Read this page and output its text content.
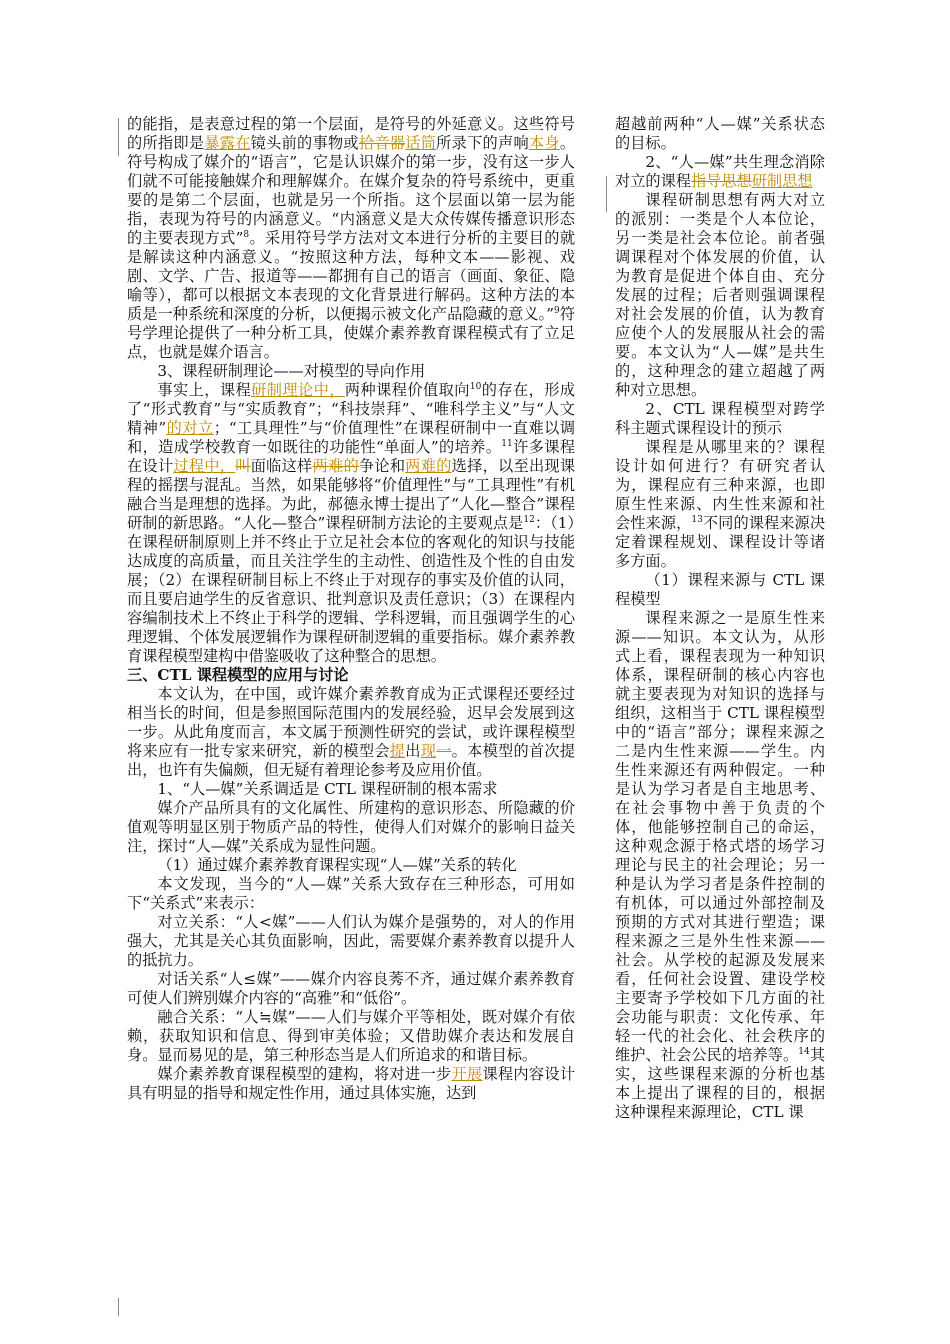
的能指，是表意过程的第一个层面，是符号的外延意义。这些符号的所指即是暴露在镜头前的事物或拾音器话筒所录下的声响本身。符号构成了媒介的“语言”，它是认识媒介的第一步，没有这一步人们就不可能接触媒介和理解媒介。在媒介复杂的符号系统中，更重要的是第二个层面，也就是另一个所指。这个层面以第一层为能指，表现为符号的内涵意义。“内涵意义是大众传媒传播意识形态的主要表现方式”$^8$。采用符号学方法对文本进行分析的主要目的就是解读这种内涵意义。“按照这种方法，每种文本——影视、戏剧、文学、广告、报道等——都拥有自己的语言（画面、象征、隐喻等），都可以根据文本表现的文化背景进行解码。这种方法的本质是一种系统和深度的分析，以便揭示被文化产品隐藏的意义。”$^9$符号学理论提供了一种分析工具，使媒介素养教育课程模式有了立足点，也就是媒介语言。

3、课程研制理论——对模型的导向作用

事实上，课程研制理论中，两种课程价值取向$^{10}$的存在，形成了“形式教育”与“实质教育”；“科技崇拜”、“唯科学主义”与“人文精神”的对立；“工具理性”与“价值理性”在课程研制中一直难以调和，造成学校教育一如既往的功能性“单面人”的培养。$^{11}$许多课程在设计过程中，叫面临这样两难的争论和两难的选择，以至出现课程的摇摆与混乱。当然，如果能够将“价值理性”与“工具理性”有机融合当是理想的选择。为此，郝德永博士提出了“人化—整合”课程研制的新思路。“人化—整合”课程研制方法论的主要观点是$^{12}$：（1）在课程研制原则上并不终止于立足社会本位的客观化的知识与技能达成度的高质量，而且关注学生的主动性、创造性及个性的自由发展；（2）在课程研制目标上不终止于对现存的事实及价值的认同，而且要启迪学生的反省意识、批判意识及责任意识；（3）在课程内容编制技术上不终止于科学的逻辑、学科逻辑，而且强调学生的心理逻辑、个体发展逻辑作为课程研制逻辑的重要指标。媒介素养教育课程模型建构中借鉴吸收了这种整合的思想。

三、CTL 课程模型的应用与讨论

本文认为，在中国，或许媒介素养教育成为正式课程还要经过相当长的时间，但是参照国际范围内的发展经验，迟早会发展到这一步。从此角度而言，本文属于预测性研究的尝试，或许课程模型将来应有一批专家来研究，新的模型会提出现一。本模型的首次提出，也许有失偏颇，但无疑有着理论参考及应用价值。

1、“人—媒”关系调适是 CTL 课程研制的根本需求

媒介产品所具有的文化属性、所建构的意识形态、所隐藏的价值观等明显区别于物质产品的特性，使得人们对媒介的影响日益关注，探讨“人—媒”关系成为显性问题。

（1）通过媒介素养教育课程实现“人—媒”关系的转化

本文发现，当今的“人—媒”关系大致存在三种形态，可用如下“关系式”来表示：

对立关系：“人<媒”——人们认为媒介是强势的，对人的作用强大，尤其是关心其负面影响，因此，需要媒介素养教育以提升人的抵抗力。

对话关系“人≤媒”——媒介内容良莠不齐，通过媒介素养教育可使人们辨别媒介内容的“高雅”和“低俗”。

融合关系：“人≒媒”——人们与媒介平等相处，既对媒介有依赖，获取知识和信息、得到审美体验；又借助媒介表达和发展自身。显而易见的是，第三种形态当是人们所追求的和谐目标。

媒介素养教育课程模型的建构，将对进一步开展课程内容设计具有明显的指导和规定性作用，通过具体实施，达到

超越前两种“人—媒”关系状态的目标。

2、“人—媒”共生理念消除对立的课程指导思想研制思想

课程研制思想有两大对立的派别：一类是个人本位论，另一类是社会本位论。前者强调课程对个体发展的价值，认为教育是促进个体自由、充分发展的过程；后者则强调课程对社会发展的价值，认为教育应使个人的发展服从社会的需要。本文认为“人—媒”是共生的，这种理念的建立超越了两种对立思想。

2、CTL 课程模型对跨学科主题式课程设计的预示

课程是从哪里来的？课程设计如何进行？有研究者认为，课程应有三种来源，也即原生性来源、内生性来源和社会性来源，$^{13}$不同的课程来源决定着课程规划、课程设计等诸多方面。

（1）课程来源与 CTL 课程模型

课程来源之一是原生性来源——知识。本文认为，从形式上看，课程表现为一种知识体系，课程研制的核心内容也就主要表现为对知识的选择与组织，这相当于 CTL 课程模型中的“语言”部分；课程来源之二是内生性来源——学生。内生性来源还有两种假定。一种是认为学习者是自主地思考、在社会事物中善于负责的个体，他能够控制自己的命运，这种观念源于格式塔的场学习理论与民主的社会理论；另一种是认为学习者是条件控制的有机体，可以通过外部控制及预期的方式对其进行塑造；课程来源之三是外生性来源——社会。从学校的起源及发展来看，任何社会设置、建设学校主要寄予学校如下几方面的社会功能与职责：文化传承、年轻一代的社会化、社会秩序的维护、社会公民的培养等。$^{14}$其实，这些课程来源的分析也基本上提出了课程的目的，根据这种课程来源理论，CTL 课
